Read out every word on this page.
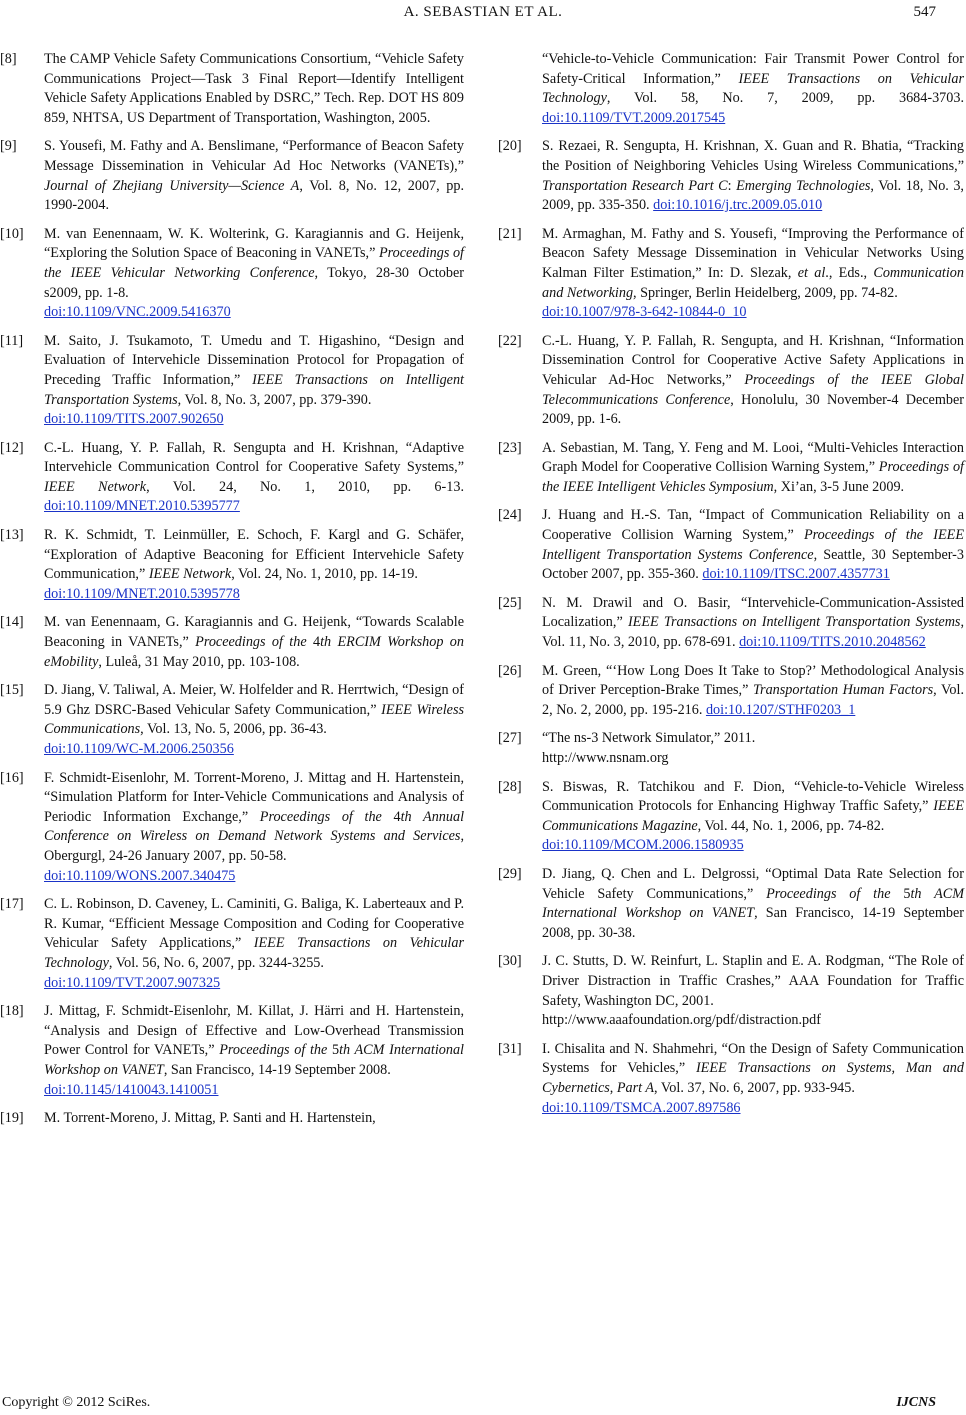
A. SEBASTIAN ET AL.	547
[8] The CAMP Vehicle Safety Communications Consortium, “Vehicle Safety Communications Project—Task 3 Final Report—Identify Intelligent Vehicle Safety Applications Enabled by DSRC,” Tech. Rep. DOT HS 809 859, NHTSA, US Department of Transportation, Washington, 2005.
[9] S. Yousefi, M. Fathy and A. Benslimane, “Performance of Beacon Safety Message Dissemination in Vehicular Ad Hoc Networks (VANETs),” Journal of Zhejiang University—Science A, Vol. 8, No. 12, 2007, pp. 1990-2004.
[10] M. van Eenennaam, W. K. Wolterink, G. Karagiannis and G. Heijenk, “Exploring the Solution Space of Beaconing in VANETs,” Proceedings of the IEEE Vehicular Networking Conference, Tokyo, 28-30 October s2009, pp. 1-8.
doi:10.1109/VNC.2009.5416370
[11] M. Saito, J. Tsukamoto, T. Umedu and T. Higashino, “Design and Evaluation of Intervehicle Dissemination Protocol for Propagation of Preceding Traffic Information,” IEEE Transactions on Intelligent Transportation Systems, Vol. 8, No. 3, 2007, pp. 379-390.
doi:10.1109/TITS.2007.902650
[12] C.-L. Huang, Y. P. Fallah, R. Sengupta and H. Krishnan, “Adaptive Intervehicle Communication Control for Cooperative Safety Systems,” IEEE Network, Vol. 24, No. 1, 2010, pp. 6-13. doi:10.1109/MNET.2010.5395777
[13] R. K. Schmidt, T. Leinmüller, E. Schoch, F. Kargl and G. Schäfer, “Exploration of Adaptive Beaconing for Efficient Intervehicle Safety Communication,” IEEE Network, Vol. 24, No. 1, 2010, pp. 14-19.
doi:10.1109/MNET.2010.5395778
[14] M. van Eenennaam, G. Karagiannis and G. Heijenk, “Towards Scalable Beaconing in VANETs,” Proceedings of the 4th ERCIM Workshop on eMobility, Luleå, 31 May 2010, pp. 103-108.
[15] D. Jiang, V. Taliwal, A. Meier, W. Holfelder and R. Herrtwich, “Design of 5.9 Ghz DSRC-Based Vehicular Safety Communication,” IEEE Wireless Communications, Vol. 13, No. 5, 2006, pp. 36-43.
doi:10.1109/WC-M.2006.250356
[16] F. Schmidt-Eisenlohr, M. Torrent-Moreno, J. Mittag and H. Hartenstein, “Simulation Platform for Inter-Vehicle Communications and Analysis of Periodic Information Exchange,” Proceedings of the 4th Annual Conference on Wireless on Demand Network Systems and Services, Obergurgl, 24-26 January 2007, pp. 50-58.
doi:10.1109/WONS.2007.340475
[17] C. L. Robinson, D. Caveney, L. Caminiti, G. Baliga, K. Laberteaux and P. R. Kumar, “Efficient Message Composition and Coding for Cooperative Vehicular Safety Applications,” IEEE Transactions on Vehicular Technology, Vol. 56, No. 6, 2007, pp. 3244-3255.
doi:10.1109/TVT.2007.907325
[18] J. Mittag, F. Schmidt-Eisenlohr, M. Killat, J. Härri and H. Hartenstein, “Analysis and Design of Effective and Low-Overhead Transmission Power Control for VANETs,” Proceedings of the 5th ACM International Workshop on VANET, San Francisco, 14-19 September 2008.
doi:10.1145/1410043.1410051
[19] M. Torrent-Moreno, J. Mittag, P. Santi and H. Hartenstein,
“Vehicle-to-Vehicle Communication: Fair Transmit Power Control for Safety-Critical Information,” IEEE Transactions on Vehicular Technology, Vol. 58, No. 7, 2009, pp. 3684-3703. doi:10.1109/TVT.2009.2017545
[20] S. Rezaei, R. Sengupta, H. Krishnan, X. Guan and R. Bhatia, “Tracking the Position of Neighboring Vehicles Using Wireless Communications,” Transportation Research Part C: Emerging Technologies, Vol. 18, No. 3, 2009, pp. 335-350. doi:10.1016/j.trc.2009.05.010
[21] M. Armaghan, M. Fathy and S. Yousefi, “Improving the Performance of Beacon Safety Message Dissemination in Vehicular Networks Using Kalman Filter Estimation,” In: D. Slezak, et al., Eds., Communication and Networking, Springer, Berlin Heidelberg, 2009, pp. 74-82.
doi:10.1007/978-3-642-10844-0_10
[22] C.-L. Huang, Y. P. Fallah, R. Sengupta, and H. Krishnan, “Information Dissemination Control for Cooperative Active Safety Applications in Vehicular Ad-Hoc Networks,” Proceedings of the IEEE Global Telecommunications Conference, Honolulu, 30 November-4 December 2009, pp. 1-6.
[23] A. Sebastian, M. Tang, Y. Feng and M. Looi, “Multi-Vehicles Interaction Graph Model for Cooperative Collision Warning System,” Proceedings of the IEEE Intelligent Vehicles Symposium, Xi’an, 3-5 June 2009.
[24] J. Huang and H.-S. Tan, “Impact of Communication Reliability on a Cooperative Collision Warning System,” Proceedings of the IEEE Intelligent Transportation Systems Conference, Seattle, 30 September-3 October 2007, pp. 355-360. doi:10.1109/ITSC.2007.4357731
[25] N. M. Drawil and O. Basir, “Intervehicle-Communication-Assisted Localization,” IEEE Transactions on Intelligent Transportation Systems, Vol. 11, No. 3, 2010, pp. 678-691. doi:10.1109/TITS.2010.2048562
[26] M. Green, “‘How Long Does It Take to Stop?’ Methodological Analysis of Driver Perception-Brake Times,” Transportation Human Factors, Vol. 2, No. 2, 2000, pp. 195-216. doi:10.1207/STHF0203_1
[27] “The ns-3 Network Simulator,” 2011.
http://www.nsnam.org
[28] S. Biswas, R. Tatchikou and F. Dion, “Vehicle-to-Vehicle Wireless Communication Protocols for Enhancing Highway Traffic Safety,” IEEE Communications Magazine, Vol. 44, No. 1, 2006, pp. 74-82.
doi:10.1109/MCOM.2006.1580935
[29] D. Jiang, Q. Chen and L. Delgrossi, “Optimal Data Rate Selection for Vehicle Safety Communications,” Proceedings of the 5th ACM International Workshop on VANET, San Francisco, 14-19 September 2008, pp. 30-38.
[30] J. C. Stutts, D. W. Reinfurt, L. Staplin and E. A. Rodgman, “The Role of Driver Distraction in Traffic Crashes,” AAA Foundation for Traffic Safety, Washington DC, 2001.
http://www.aaafoundation.org/pdf/distraction.pdf
[31] I. Chisalita and N. Shahmehri, “On the Design of Safety Communication Systems for Vehicles,” IEEE Transactions on Systems, Man and Cybernetics, Part A, Vol. 37, No. 6, 2007, pp. 933-945.
doi:10.1109/TSMCA.2007.897586
Copyright © 2012 SciRes.	IJCNS
